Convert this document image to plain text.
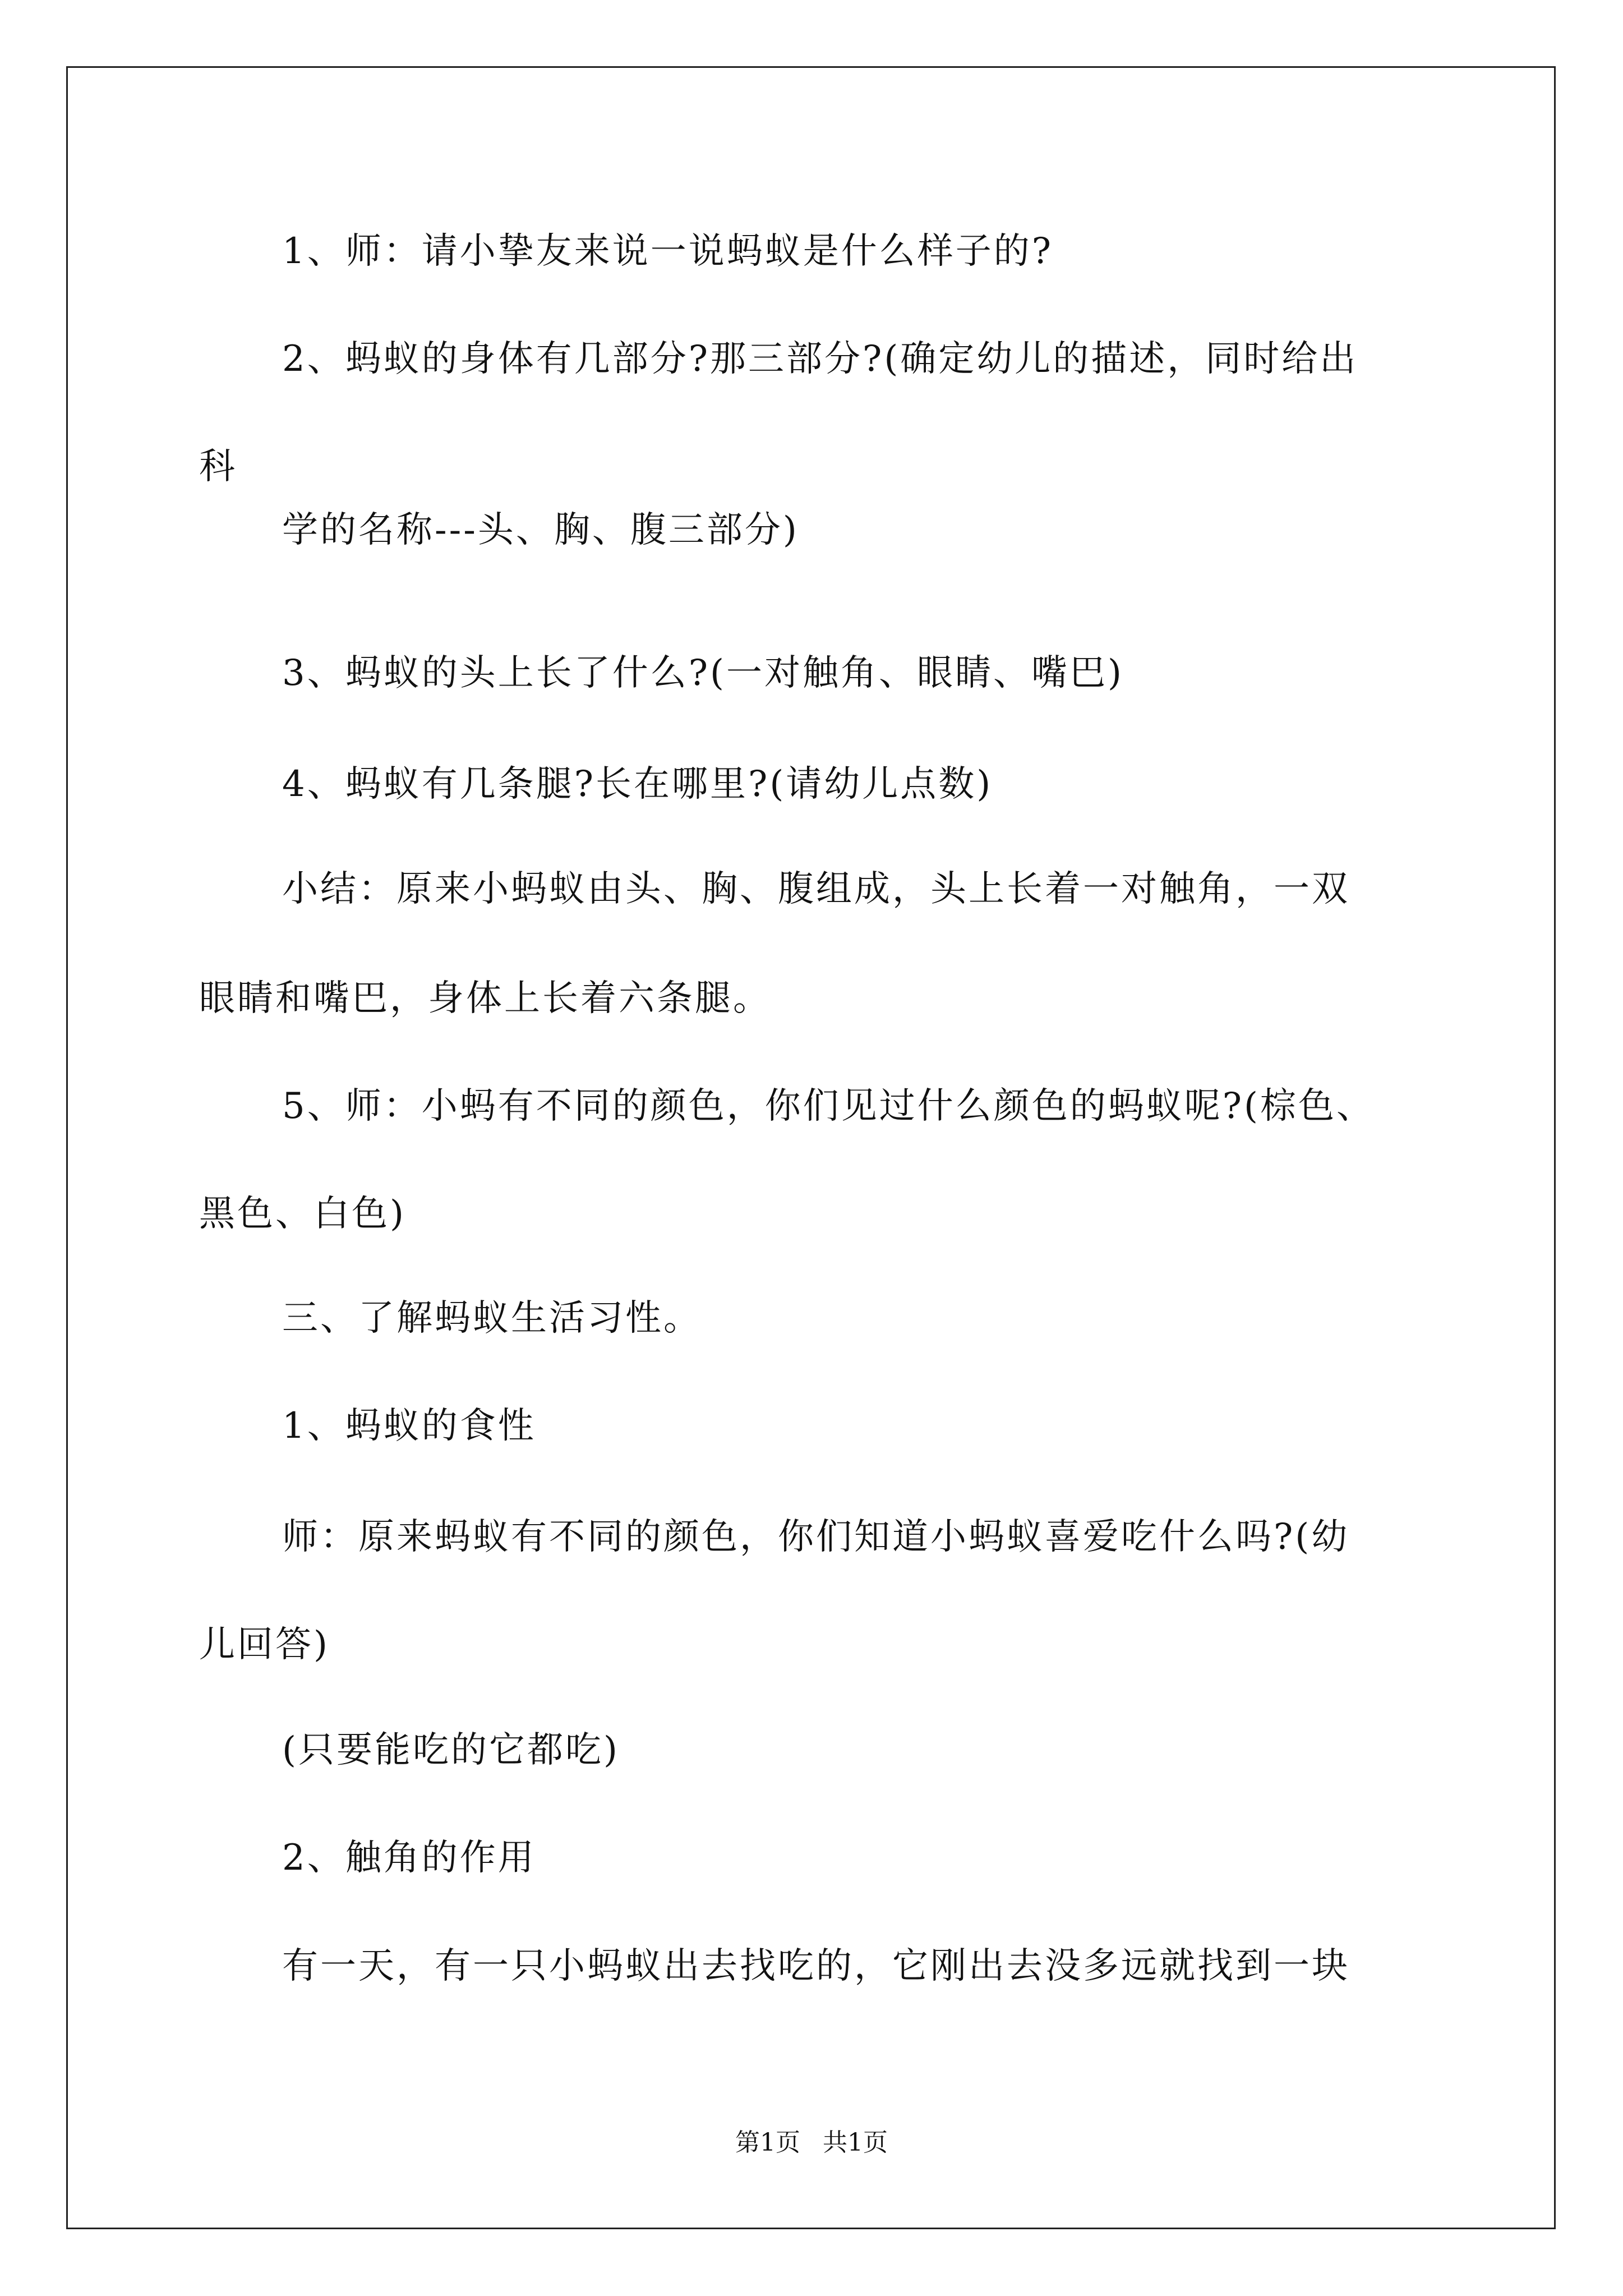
1、师：请小挚友来说一说蚂蚁是什么样子的?
2、蚂蚁的身体有几部分?那三部分?(确定幼儿的描述，同时给出
科
学的名称---头、胸、腹三部分)
3、蚂蚁的头上长了什么?(一对触角、眼睛、嘴巴)
4、蚂蚁有几条腿?长在哪里?(请幼儿点数)
小结：原来小蚂蚁由头、胸、腹组成，头上长着一对触角，一双
眼睛和嘴巴，身体上长着六条腿。
5、师：小蚂有不同的颜色，你们见过什么颜色的蚂蚁呢?(棕色、
黑色、白色)
三、了解蚂蚁生活习性。
1、蚂蚁的食性
师：原来蚂蚁有不同的颜色，你们知道小蚂蚁喜爱吃什么吗?(幼
儿回答)
(只要能吃的它都吃)
2、触角的作用
有一天，有一只小蚂蚁出去找吃的，它刚出去没多远就找到一块
第1页 共1页
